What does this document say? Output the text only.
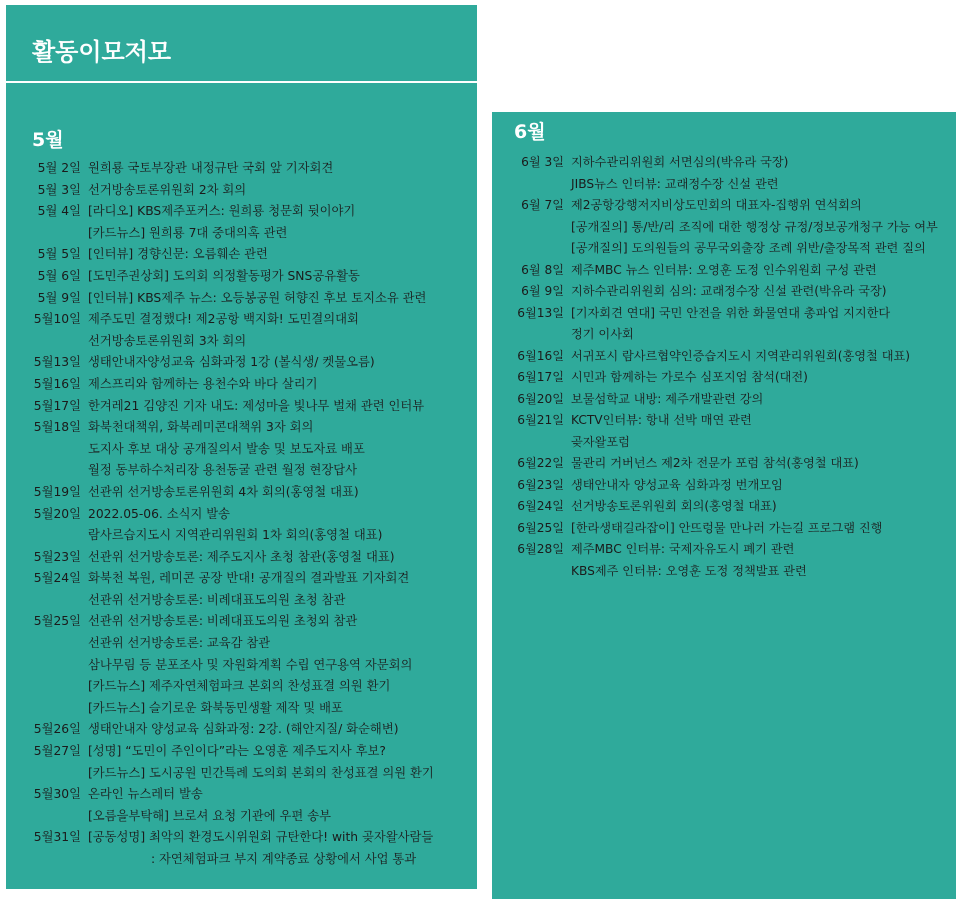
활동이모저모
5월
5월 2일 원희룡 국토부장관 내정규탄 국회 앞 기자회견
5월 3일 선거방송토론위원회 2차 회의
5월 4일 [라디오] KBS제주포커스: 원희룡 청문회 뒷이야기
[카드뉴스] 원희룡 7대 중대의혹 관련
5월 5일 [인터뷰] 경향신문: 오름훼손 관련
5월 6일 [도민주권상회] 도의회 의정활동평가 SNS공유활동
5월 9일 [인터뷰] KBS제주 뉴스: 오등봉공원 허향진 후보 토지소유 관련
5월10일 제주도민 결정했다! 제2공항 백지화! 도민결의대회
선거방송토론위원회 3차 회의
5월13일 생태안내자양성교육 심화과정 1강 (볼식생/ 켓물오름)
5월16일 제스프리와 함께하는 용천수와 바다 살리기
5월17일 한겨레21 김양진 기자 내도: 제성마을 빛나무 벌채 관련 인터뷰
5월18일 화북천대책위, 화북레미콘대책위 3자 회의
도지사 후보 대상 공개질의서 발송 및 보도자료 배포
월정 동부하수처리장 용천동굴 관련 월정 현장답사
5월19일 선관위 선거방송토론위원회 4차 회의(홍영철 대표)
5월20일 2022.05-06. 소식지 발송
람사르습지도시 지역관리위원회 1차 회의(홍영철 대표)
5월23일 선관위 선거방송토론: 제주도지사 초청 참관(홍영철 대표)
5월24일 화북천 복원, 레미콘 공장 반대! 공개질의 결과발표 기자회견
선관위 선거방송토론: 비례대표도의원 초청 참관
5월25일 선관위 선거방송토론: 비례대표도의원 초청외 참관
선관위 선거방송토론: 교육감 참관
삼나무림 등 분포조사 및 자원화계획 수립 연구용역 자문회의
[카드뉴스] 제주자연체험파크 본회의 찬성표결 의원 환기
[카드뉴스] 슬기로운 화북동민생활 제작 및 배포
5월26일 생태안내자 양성교육 심화과정: 2강. (해안지질/ 화순해변)
5월27일 [성명] “도민이 주인이다”라는 오영훈 제주도지사 후보?
[카드뉴스] 도시공원 민간특례 도의회 본회의 찬성표결 의원 환기
5월30일 온라인 뉴스레터 발송
[오름을부탁해] 브로셔 요청 기관에 우편 송부
5월31일 [공동성명] 최악의 환경도시위원회 규탄한다! with 곶자왈사람들
: 자연체험파크 부지 계약종료 상황에서 사업 통과
6월
6월 3일 지하수관리위원회 서면심의(박유라 국장)
JIBS뉴스 인터뷰: 교래정수장 신설 관련
6월 7일 제2공항강행저지비상도민회의 대표자-집행위 연석회의
[공개질의] 통/반/리 조직에 대한 행정상 규정/정보공개청구 가능 여부
[공개질의] 도의원들의 공무국외출장 조례 위반/출장목적 관련 질의
6월 8일 제주MBC 뉴스 인터뷰: 오영훈 도정 인수위원회 구성 관련
6월 9일 지하수관리위원회 심의: 교래정수장 신설 관련(박유라 국장)
6월13일 [기자회견 연대] 국민 안전을 위한 화물연대 총파업 지지한다
정기 이사회
6월16일 서귀포시 람사르협약인증습지도시 지역관리위원회(홍영철 대표)
6월17일 시민과 함께하는 가로수 심포지엄 참석(대전)
6월20일 보물섬학교 내방: 제주개발관련 강의
6월21일 KCTV인터뷰: 항내 선박 매연 관련
곶자왈포럼
6월22일 물관리 거버넌스 제2차 전문가 포럼 참석(홍영철 대표)
6월23일 생태안내자 양성교육 심화과정 번개모임
6월24일 선거방송토론위원회 회의(홍영철 대표)
6월25일 [한라생태길라잡이] 안뜨렁물 만나러 가는길 프로그램 진행
6월28일 제주MBC 인터뷰: 국제자유도시 폐기 관련
KBS제주 인터뷰: 오영훈 도정 정책발표 관련
